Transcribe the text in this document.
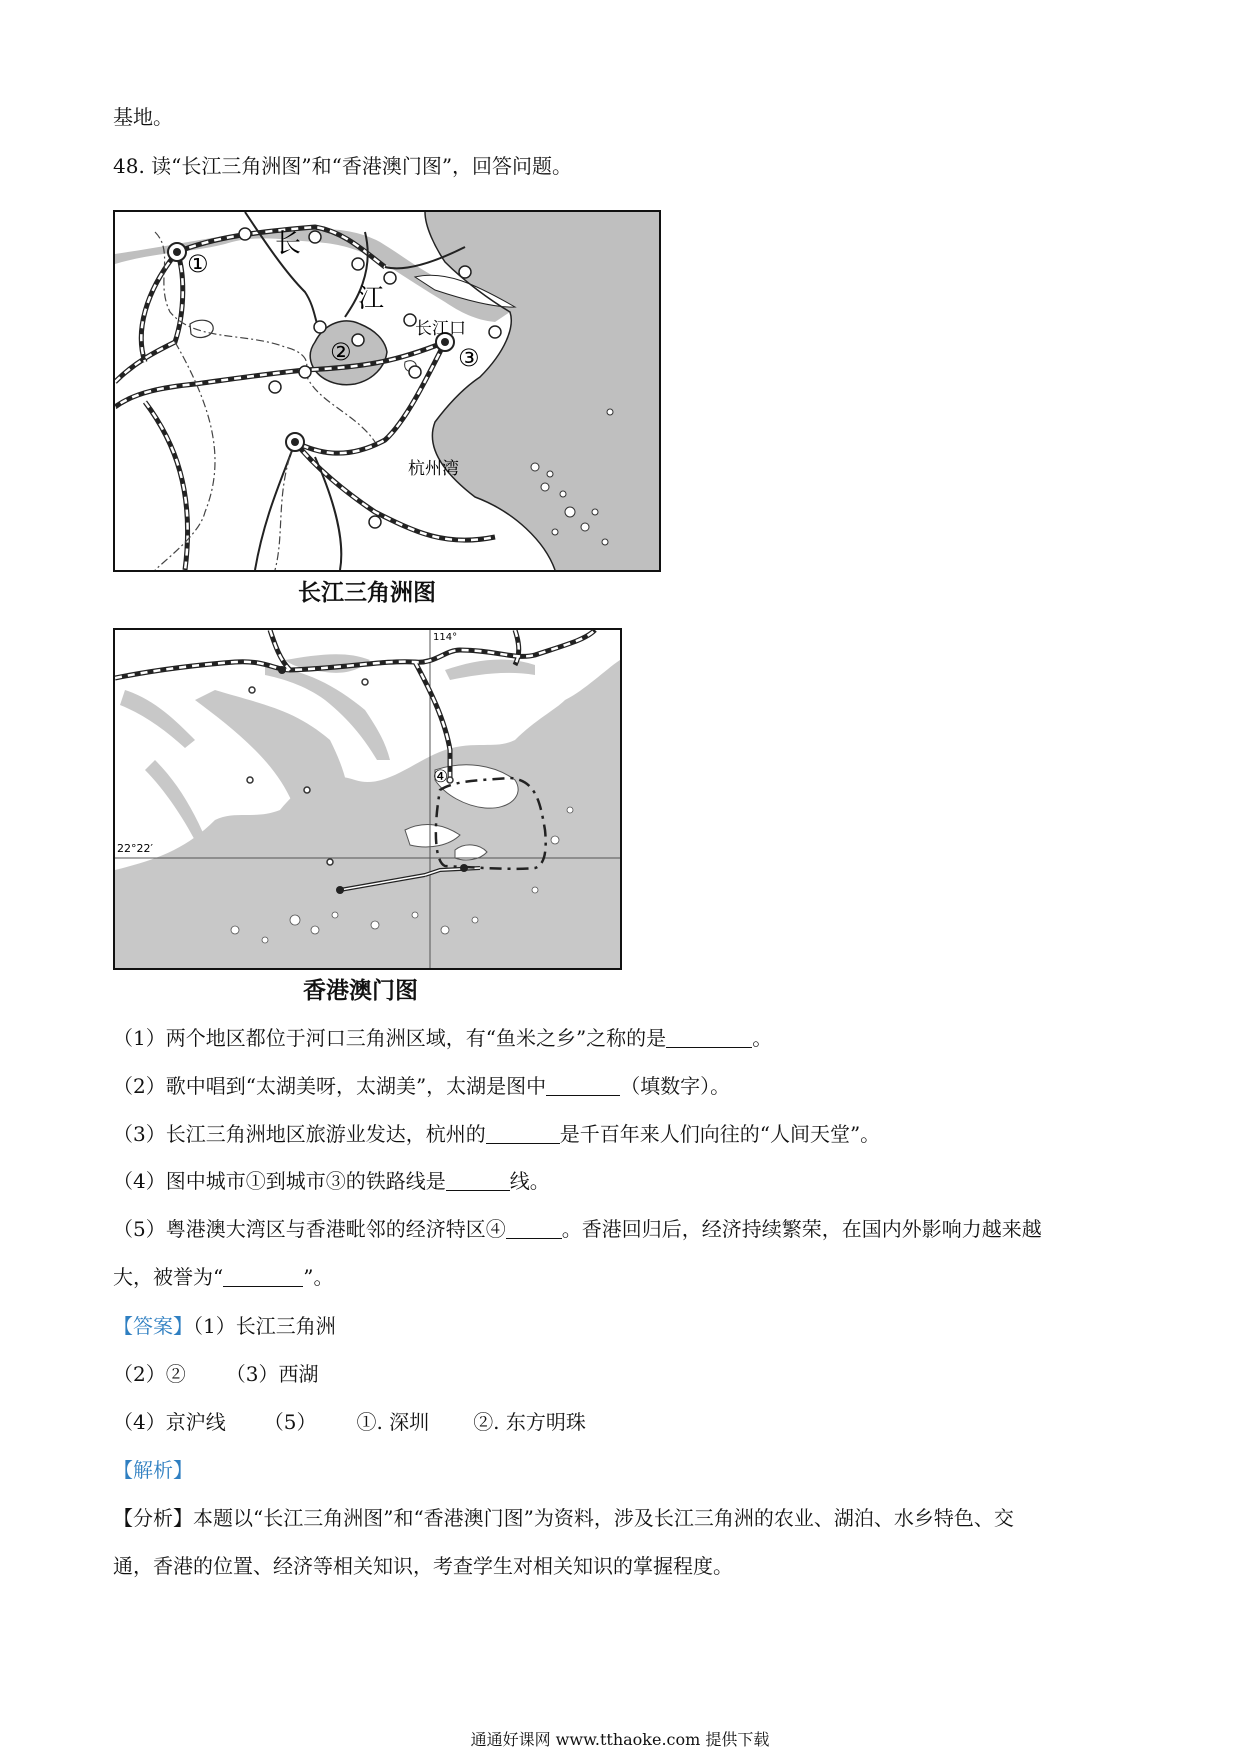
基地。
48. 读“长江三角洲图”和“香港澳门图”，回答问题。
长
江
长江口
杭州湾
①
②	③
长江三角洲图
114°
22°22′
④
香港澳门图
（1）两个地区都位于河口三角洲区域，有“鱼米之乡”之称的是	。
（2）歌中唱到“太湖美呀，太湖美”，太湖是图中	（填数字）。
（3）长江三角洲地区旅游业发达，杭州的	是千百年来人们向往的“人间天堂”。
（4）图中城市①到城市③的铁路线是	线。
（5）粤港澳大湾区与香港毗邻的经济特区④	。香港回归后，经济持续繁荣，在国内外影响力越来越
大，被誉为“	”。
【答案】（1）长江三角洲
（2）② （3）西湖
（4）京沪线 （5） ①. 深圳 ②. 东方明珠
【解析】
【分析】本题以“长江三角洲图”和“香港澳门图”为资料，涉及长江三角洲的农业、湖泊、水乡特色、交
通，香港的位置、经济等相关知识，考查学生对相关知识的掌握程度。
通通好课网 www.tthaoke.com 提供下载
